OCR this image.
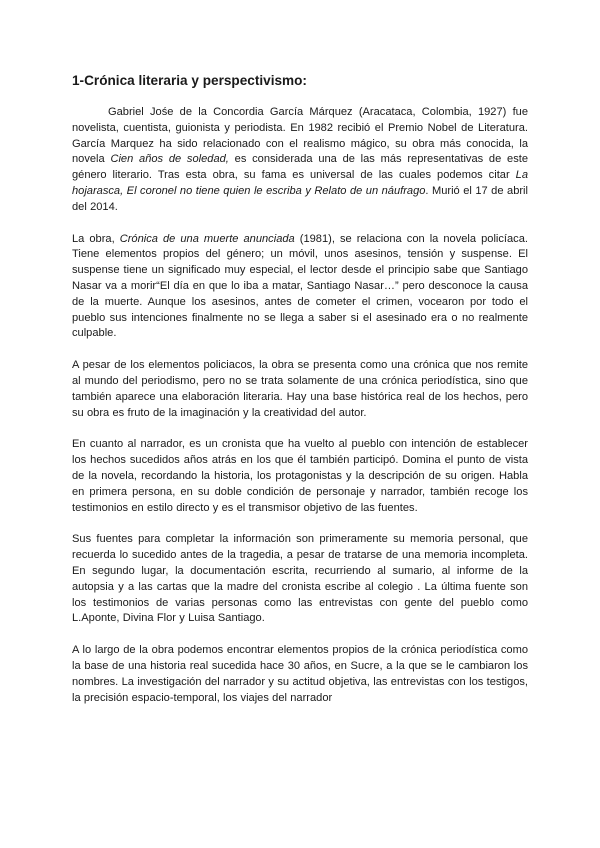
1-Crónica literaria y perspectivismo:

Gabriel Jośe de la Concordia García Márquez (Aracataca, Colombia, 1927) fue novelista, cuentista, guionista y periodista. En 1982 recibió el Premio Nobel de Literatura. García Marquez ha sido relacionado con el realismo mágico, su obra más conocida, la novela Cien años de soledad, es considerada una de las más representativas de este género literario. Tras esta obra, su fama es universal de las cuales podemos citar La hojarasca, El coronel no tiene quien le escriba y Relato de un náufrago. Murió el 17 de abril del 2014.

La obra, Crónica de una muerte anunciada (1981), se relaciona con la novela policíaca. Tiene elementos propios del género; un móvil, unos asesinos, tensión y suspense. El suspense tiene un significado muy especial, el lector desde el principio sabe que Santiago Nasar va a morir“El día en que lo iba a matar, Santiago Nasar…” pero desconoce la causa de la muerte. Aunque los asesinos, antes de cometer el crimen, vocearon por todo el pueblo sus intenciones finalmente no se llega a saber si el asesinado era o no realmente culpable.

A pesar de los elementos policiacos, la obra se presenta como una crónica que nos remite al mundo del periodismo, pero no se trata solamente de una crónica periodística, sino que también aparece una elaboración literaria. Hay una base histórica real de los hechos, pero su obra es fruto de la imaginación y la creatividad del autor.

En cuanto al narrador, es un cronista que ha vuelto al pueblo con intención de establecer los hechos sucedidos años atrás en los que él también participó. Domina el punto de vista de la novela, recordando la historia, los protagonistas y la descripción de su origen. Habla en primera persona, en su doble condición de personaje y narrador, también recoge los testimonios en estilo directo y es el transmisor objetivo de las fuentes.

Sus fuentes para completar la información son primeramente su memoria personal, que recuerda lo sucedido antes de la tragedia, a pesar de tratarse de una memoria incompleta. En segundo lugar, la documentación escrita, recurriendo al sumario, al informe de la autopsia y a las cartas que la madre del cronista escribe al colegio . La última fuente son los testimonios de varias personas como las entrevistas con gente del pueblo como L.Aponte, Divina Flor y Luisa Santiago.

A lo largo de la obra podemos encontrar elementos propios de la crónica periodística como la base de una historia real sucedida hace 30 años, en Sucre, a la que se le cambiaron los nombres. La investigación del narrador y su actitud objetiva, las entrevistas con los testigos, la precisión espacio-temporal, los viajes del narrador
